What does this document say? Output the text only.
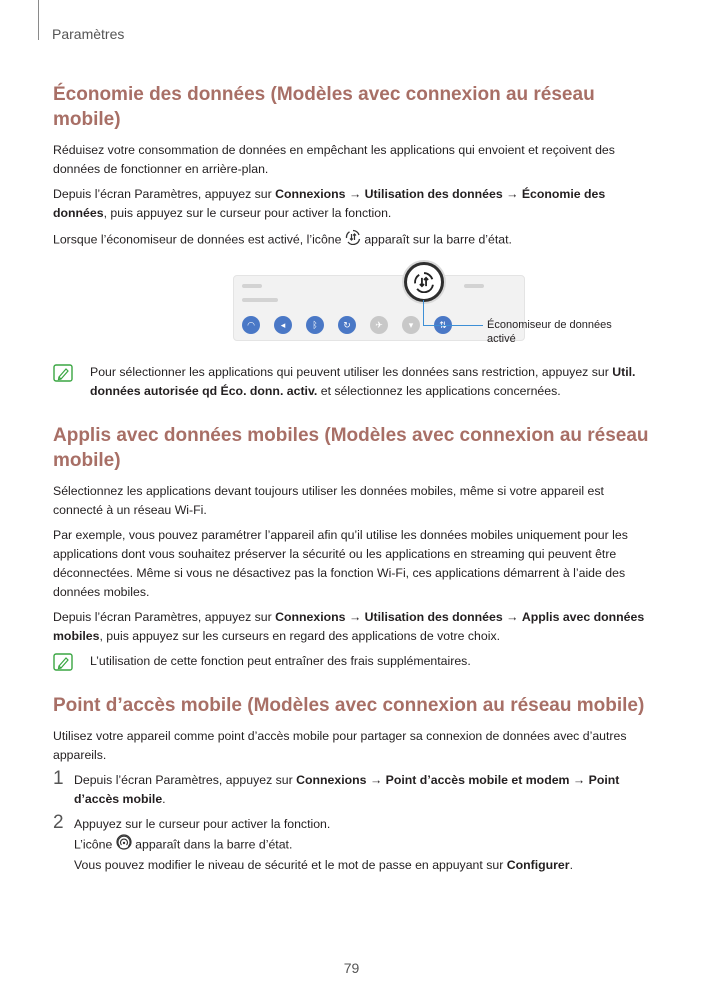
Paramètres
Économie des données (Modèles avec connexion au réseau mobile)

Réduisez votre consommation de données en empêchant les applications qui envoient et reçoivent des données de fonctionner en arrière-plan.

Depuis l’écran Paramètres, appuyez sur Connexions → Utilisation des données → Économie des données, puis appuyez sur le curseur pour activer la fonction.

Lorsque l’économiseur de données est activé, l’icône  apparaît sur la barre d’état.

◠	◂	ᛒ	↻	✈	▾	Économiseur de données activé

Pour sélectionner les applications qui peuvent utiliser les données sans restriction, appuyez sur Util. données autorisée qd Éco. donn. activ. et sélectionnez les applications concernées.

Applis avec données mobiles (Modèles avec connexion au réseau mobile)

Sélectionnez les applications devant toujours utiliser les données mobiles, même si votre appareil est connecté à un réseau Wi-Fi.

Par exemple, vous pouvez paramétrer l’appareil afin qu’il utilise les données mobiles uniquement pour les applications dont vous souhaitez préserver la sécurité ou les applications en streaming qui peuvent être déconnectées. Même si vous ne désactivez pas la fonction Wi-Fi, ces applications démarrent à l’aide des données mobiles.

Depuis l’écran Paramètres, appuyez sur Connexions → Utilisation des données → Applis avec données mobiles, puis appuyez sur les curseurs en regard des applications de votre choix.

L’utilisation de cette fonction peut entraîner des frais supplémentaires.

Point d’accès mobile (Modèles avec connexion au réseau mobile)

Utilisez votre appareil comme point d’accès mobile pour partager sa connexion de données avec d’autres appareils.

1 Depuis l’écran Paramètres, appuyez sur Connexions → Point d’accès mobile et modem → Point d’accès mobile.

2 Appuyez sur le curseur pour activer la fonction.

L’icône  apparaît dans la barre d’état.

Vous pouvez modifier le niveau de sécurité et le mot de passe en appuyant sur Configurer.

79
